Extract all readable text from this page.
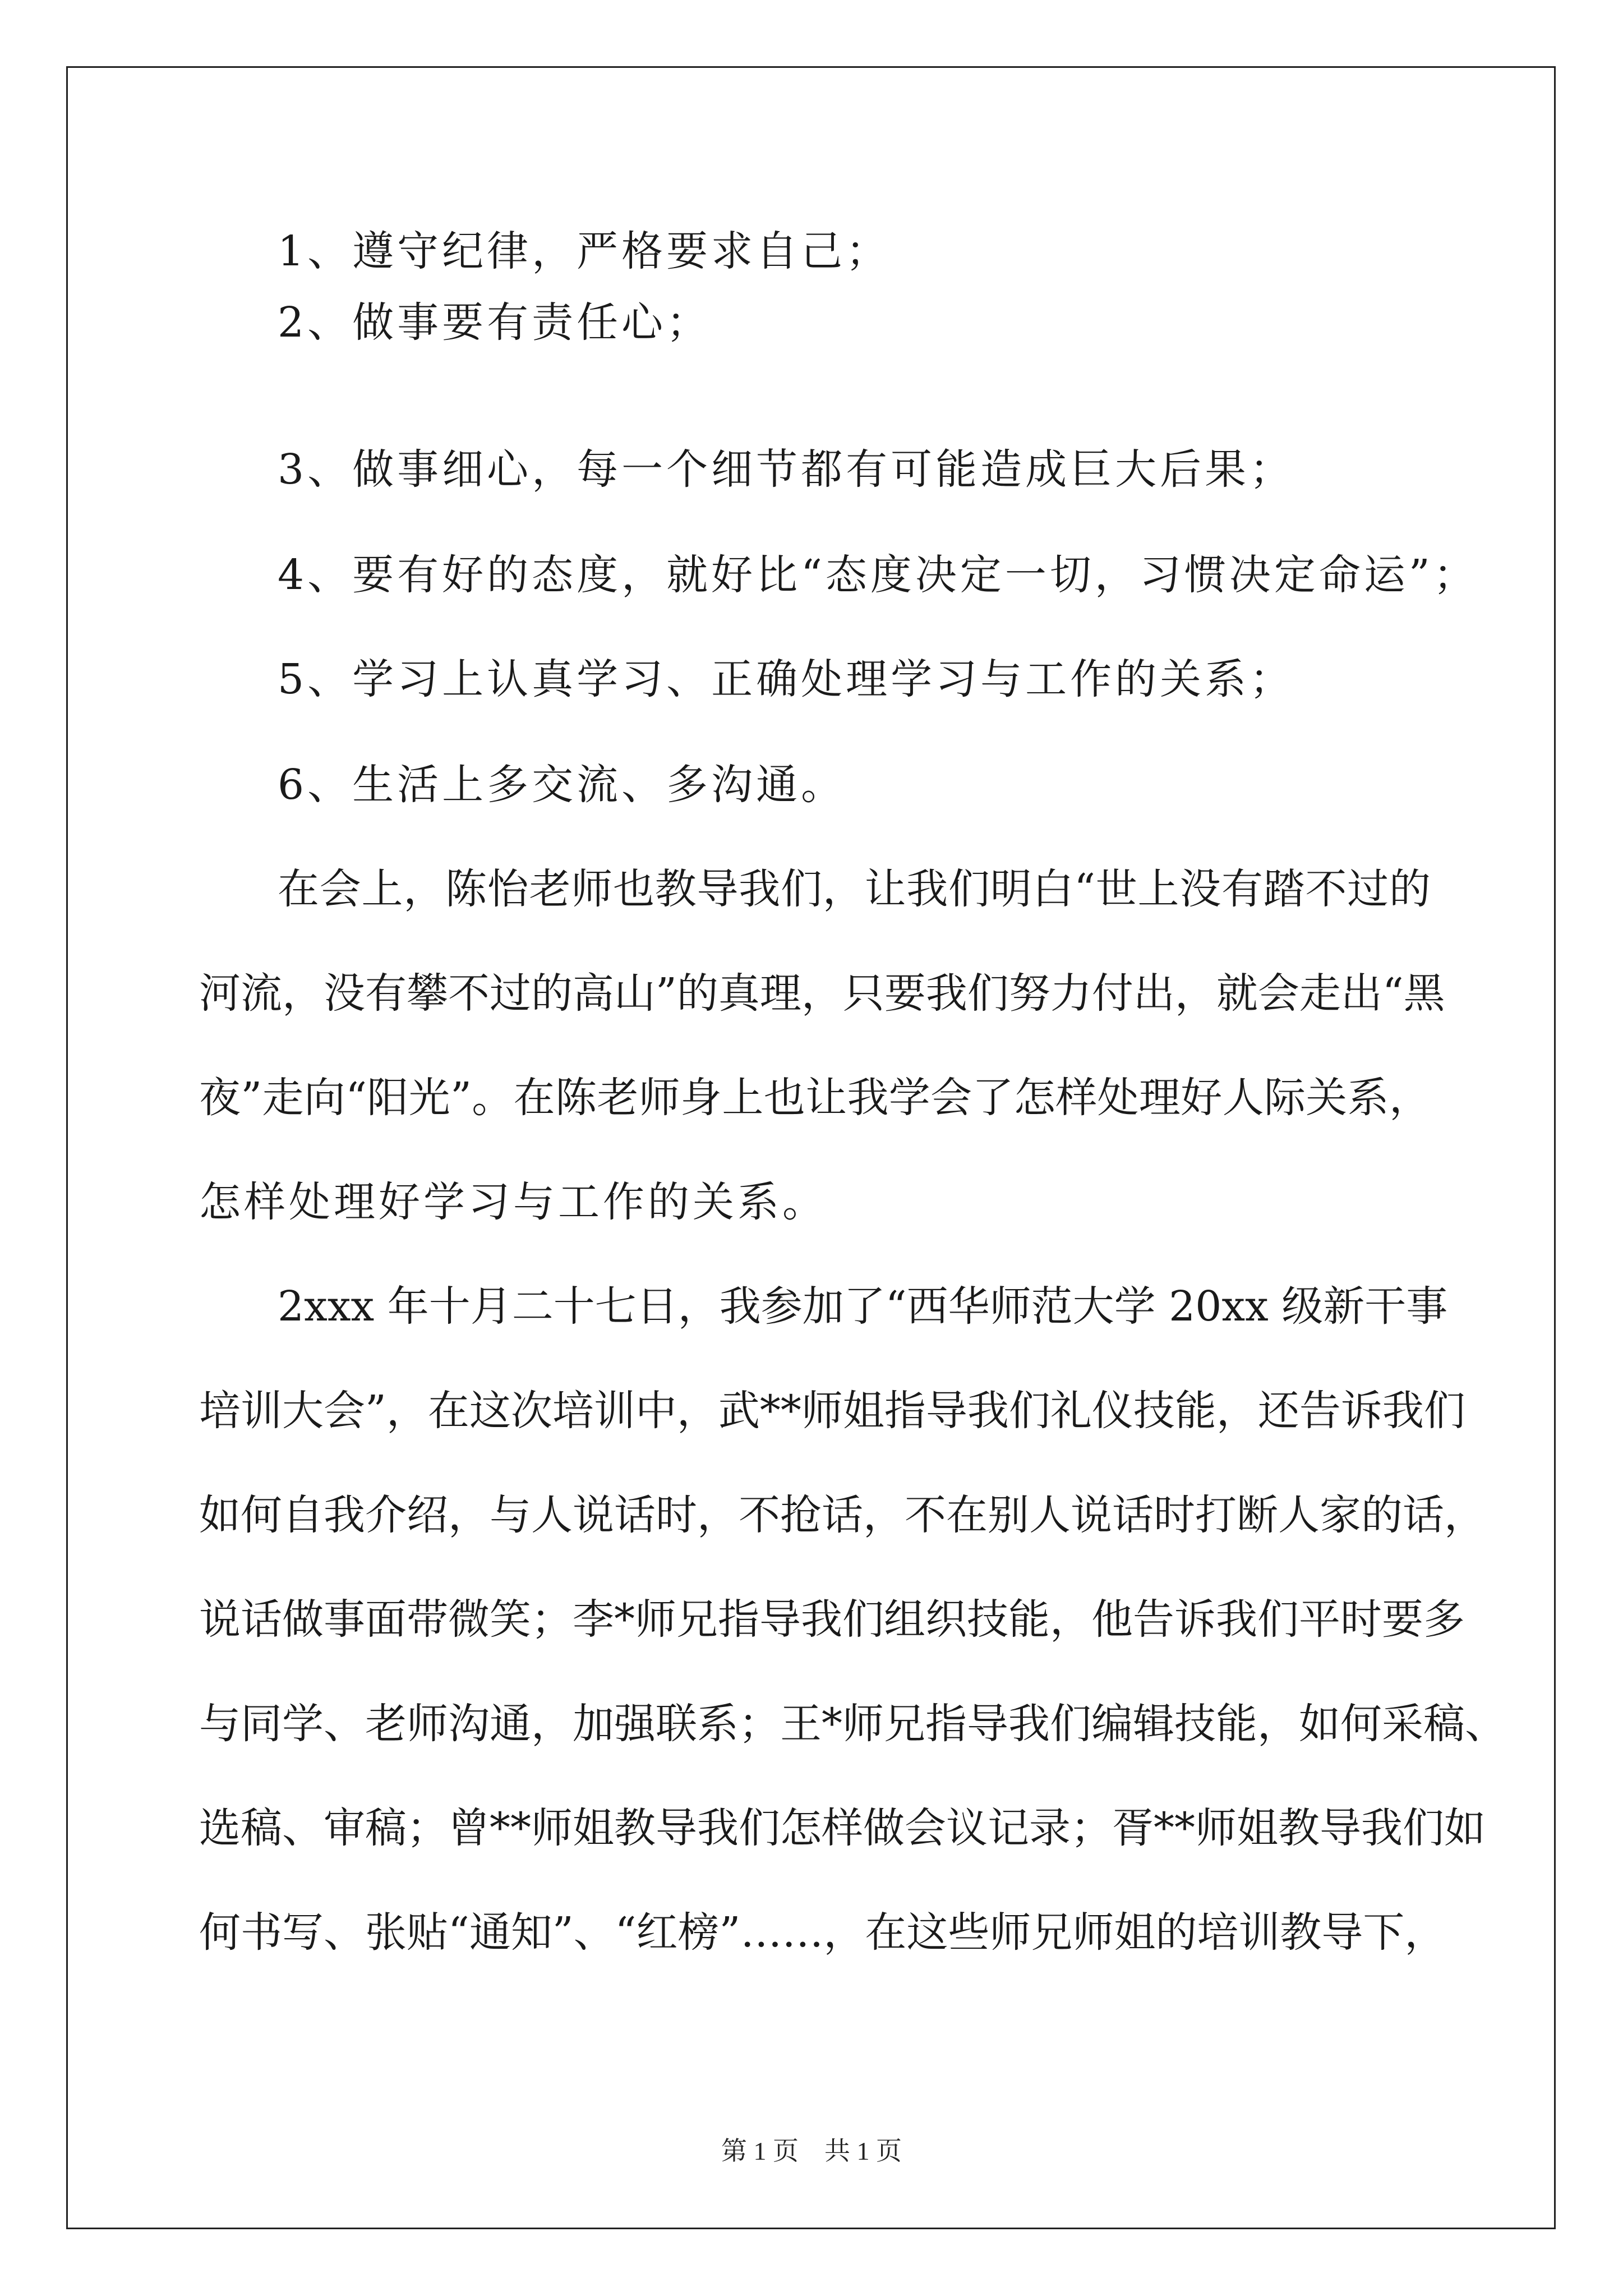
1、遵守纪律，严格要求自己；
2、做事要有责任心；
3、做事细心，每一个细节都有可能造成巨大后果；
4、要有好的态度，就好比“态度决定一切，习惯决定命运”；
5、学习上认真学习、正确处理学习与工作的关系；
6、生活上多交流、多沟通。
在会上，陈怡老师也教导我们，让我们明白“世上没有踏不过的
河流，没有攀不过的高山”的真理，只要我们努力付出，就会走出“黑
夜”走向“阳光”。在陈老师身上也让我学会了怎样处理好人际关系，
怎样处理好学习与工作的关系。
2xxx 年十月二十七日，我参加了“西华师范大学 20xx 级新干事
培训大会”，在这次培训中，武**师姐指导我们礼仪技能，还告诉我们
如何自我介绍，与人说话时，不抢话，不在别人说话时打断人家的话，
说话做事面带微笑；李*师兄指导我们组织技能，他告诉我们平时要多
与同学、老师沟通，加强联系；王*师兄指导我们编辑技能，如何采稿、
选稿、审稿；曾**师姐教导我们怎样做会议记录；胥**师姐教导我们如
何书写、张贴“通知”、“红榜”……，在这些师兄师姐的培训教导下，
第 1 页　共 1 页
